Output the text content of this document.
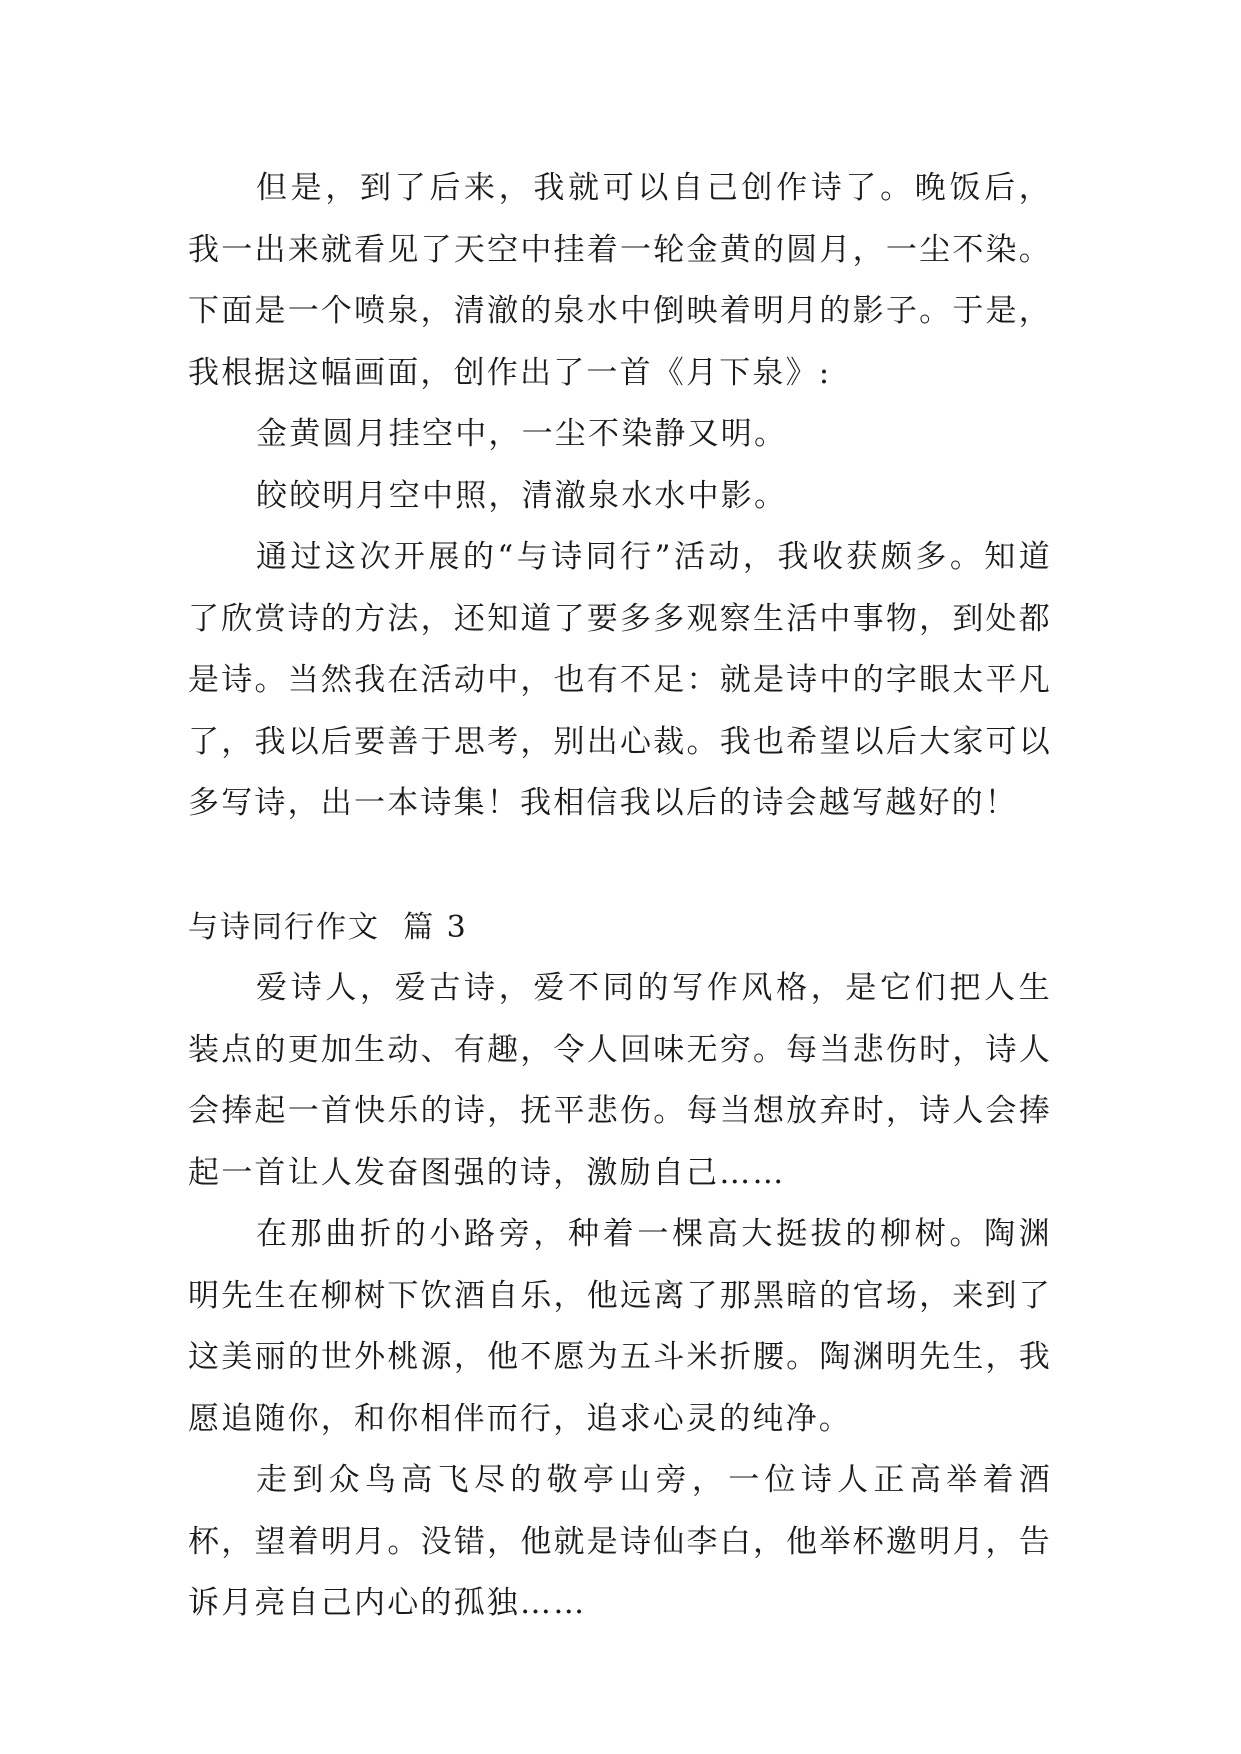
但是，到了后来，我就可以自己创作诗了。晚饭后，我一出来就看见了天空中挂着一轮金黄的圆月，一尘不染。下面是一个喷泉，清澈的泉水中倒映着明月的影子。于是，我根据这幅画面，创作出了一首《月下泉》:

金黄圆月挂空中，一尘不染静又明。

皎皎明月空中照，清澈泉水水中影。

通过这次开展的“与诗同行”活动，我收获颇多。知道了欣赏诗的方法，还知道了要多多观察生活中事物，到处都是诗。当然我在活动中，也有不足：就是诗中的字眼太平凡了，我以后要善于思考，别出心裁。我也希望以后大家可以多写诗，出一本诗集！我相信我以后的诗会越写越好的！

与诗同行作文  篇 3

爱诗人，爱古诗，爱不同的写作风格，是它们把人生装点的更加生动、有趣，令人回味无穷。每当悲伤时，诗人会捧起一首快乐的诗，抚平悲伤。每当想放弃时，诗人会捧起一首让人发奋图强的诗，激励自己……

在那曲折的小路旁，种着一棵高大挺拔的柳树。陶渊明先生在柳树下饮酒自乐，他远离了那黑暗的官场，来到了这美丽的世外桃源，他不愿为五斗米折腰。陶渊明先生，我愿追随你，和你相伴而行，追求心灵的纯净。

走到众鸟高飞尽的敬亭山旁，一位诗人正高举着酒杯，望着明月。没错，他就是诗仙李白，他举杯邀明月，告诉月亮自己内心的孤独……
